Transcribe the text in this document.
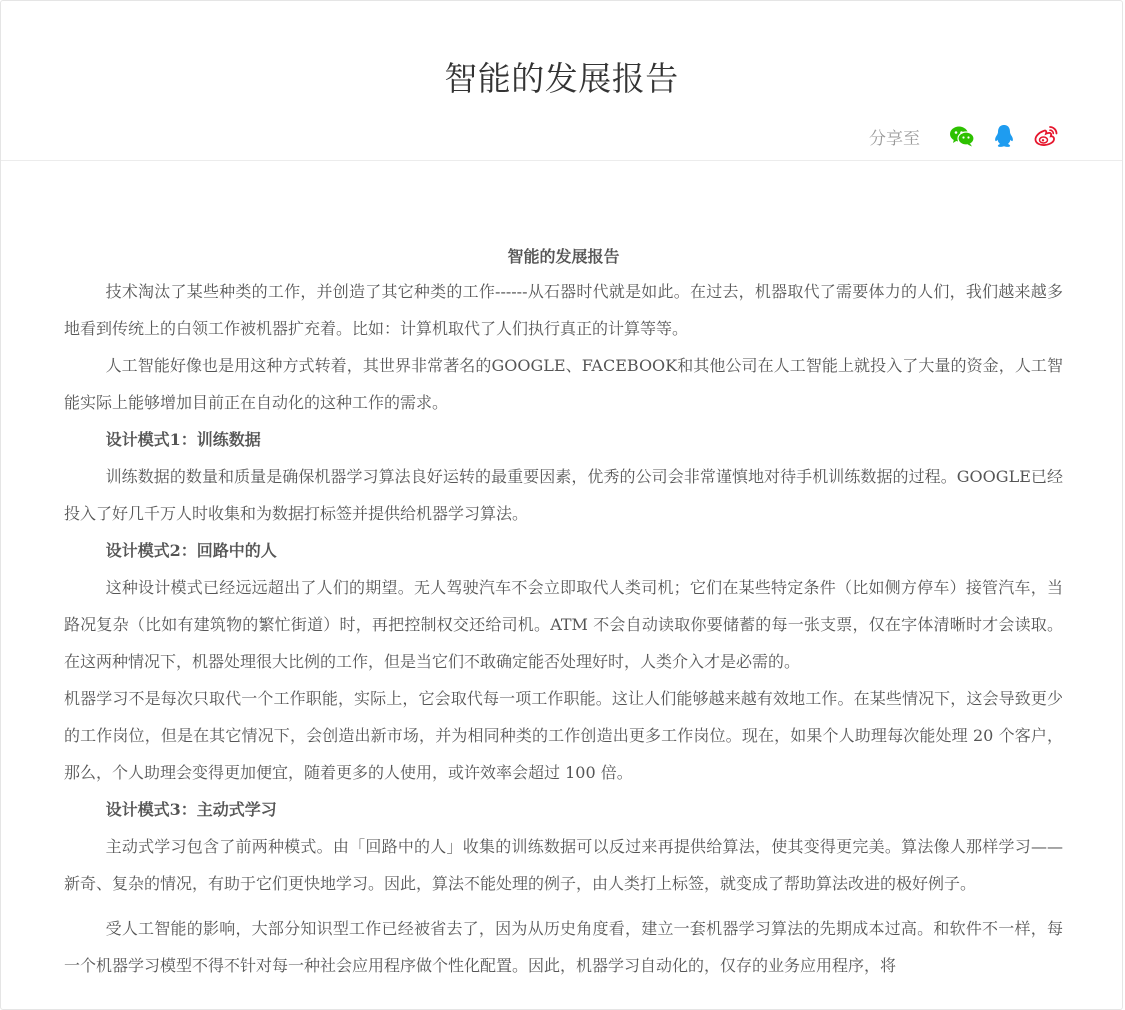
智能的发展报告
分享至

智能的发展报告

技术淘汰了某些种类的工作，并创造了其它种类的工作------从石器时代就是如此。在过去，机器取代了需要体力的人们，我们越来越多地看到传统上的白领工作被机器扩充着。比如：计算机取代了人们执行真正的计算等等。

人工智能好像也是用这种方式转着，其世界非常著名的GOOGLE、FACEBOOK和其他公司在人工智能上就投入了大量的资金，人工智能实际上能够增加目前正在自动化的这种工作的需求。

设计模式1：训练数据

训练数据的数量和质量是确保机器学习算法良好运转的最重要因素，优秀的公司会非常谨慎地对待手机训练数据的过程。GOOGLE已经投入了好几千万人时收集和为数据打标签并提供给机器学习算法。

设计模式2：回路中的人

这种设计模式已经远远超出了人们的期望。无人驾驶汽车不会立即取代人类司机；它们在某些特定条件（比如侧方停车）接管汽车，当路况复杂（比如有建筑物的繁忙街道）时，再把控制权交还给司机。ATM 不会自动读取你要储蓄的每一张支票，仅在字体清晰时才会读取。在这两种情况下，机器处理很大比例的工作，但是当它们不敢确定能否处理好时，人类介入才是必需的。

机器学习不是每次只取代一个工作职能，实际上，它会取代每一项工作职能。这让人们能够越来越有效地工作。在某些情况下，这会导致更少的工作岗位，但是在其它情况下，会创造出新市场，并为相同种类的工作创造出更多工作岗位。现在，如果个人助理每次能处理 20 个客户，那么，个人助理会变得更加便宜，随着更多的人使用，或许效率会超过 100 倍。

设计模式3：主动式学习

主动式学习包含了前两种模式。由「回路中的人」收集的训练数据可以反过来再提供给算法，使其变得更完美。算法像人那样学习——新奇、复杂的情况，有助于它们更快地学习。因此，算法不能处理的例子，由人类打上标签，就变成了帮助算法改进的极好例子。

受人工智能的影响，大部分知识型工作已经被省去了，因为从历史角度看，建立一套机器学习算法的先期成本过高。和软件不一样，每一个机器学习模型不得不针对每一种社会应用程序做个性化配置。因此，机器学习自动化的，仅存的业务应用程序，将
